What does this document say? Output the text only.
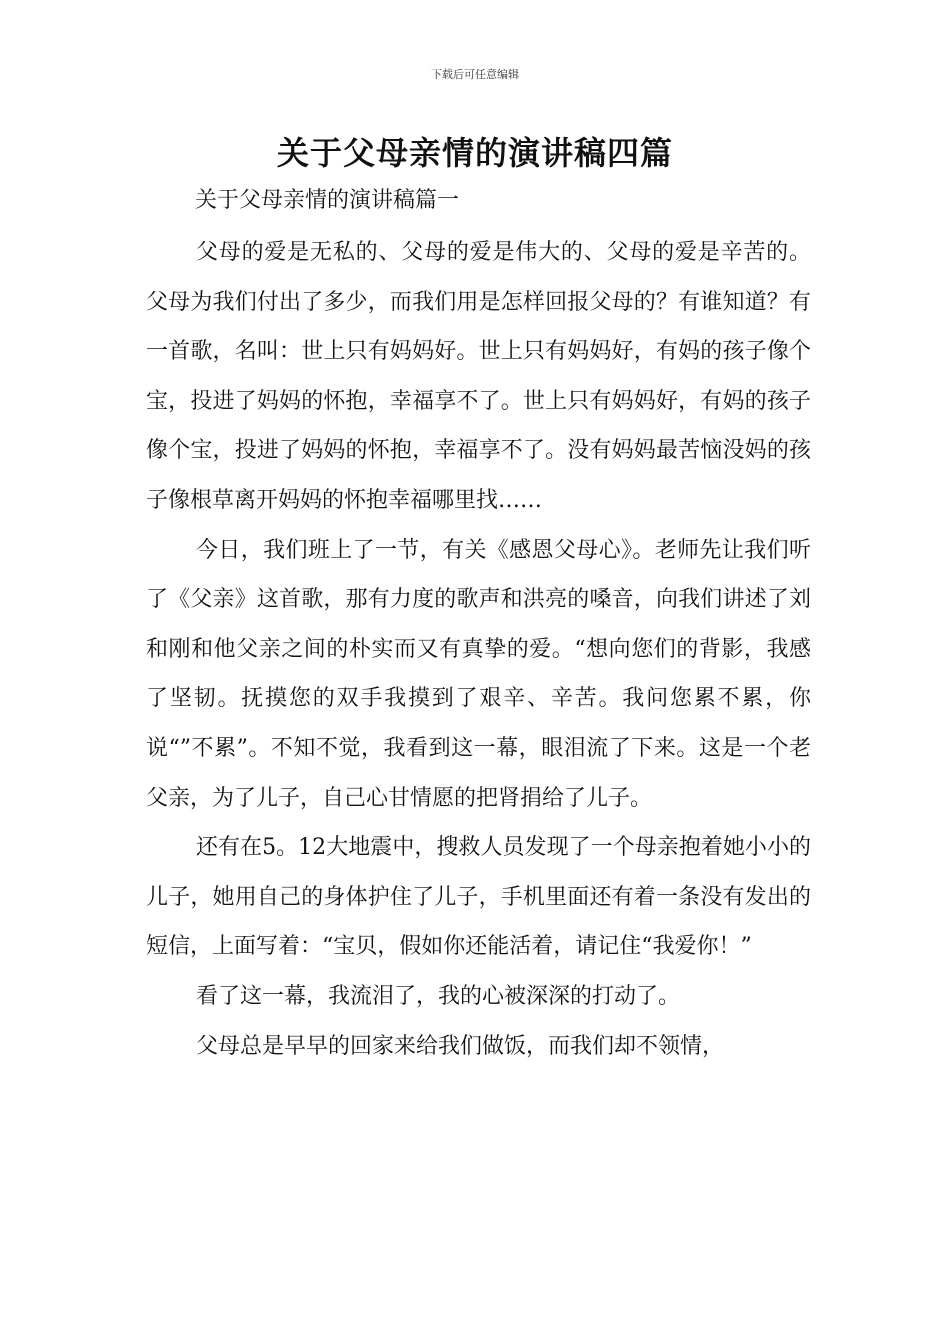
下载后可任意编辑
关于父母亲情的演讲稿四篇
关于父母亲情的演讲稿篇一

父母的爱是无私的、父母的爱是伟大的、父母的爱是辛苦的。父母为我们付出了多少，而我们用是怎样回报父母的？有谁知道？有一首歌，名叫：世上只有妈妈好。世上只有妈妈好，有妈的孩子像个宝，投进了妈妈的怀抱，幸福享不了。世上只有妈妈好，有妈的孩子像个宝，投进了妈妈的怀抱，幸福享不了。没有妈妈最苦恼没妈的孩子像根草离开妈妈的怀抱幸福哪里找……

今日，我们班上了一节，有关《感恩父母心》。老师先让我们听了《父亲》这首歌，那有力度的歌声和洪亮的嗓音，向我们讲述了刘和刚和他父亲之间的朴实而又有真挚的爱。“想向您们的背影，我感了坚韧。抚摸您的双手我摸到了艰辛、辛苦。我问您累不累，你说“”不累”。不知不觉，我看到这一幕，眼泪流了下来。这是一个老父亲，为了儿子，自己心甘情愿的把肾捐给了儿子。

还有在5。12大地震中，搜救人员发现了一个母亲抱着她小小的儿子，她用自己的身体护住了儿子，手机里面还有着一条没有发出的短信，上面写着：“宝贝，假如你还能活着，请记住“我爱你！”

看了这一幕，我流泪了，我的心被深深的打动了。

父母总是早早的回家来给我们做饭，而我们却不领情，
